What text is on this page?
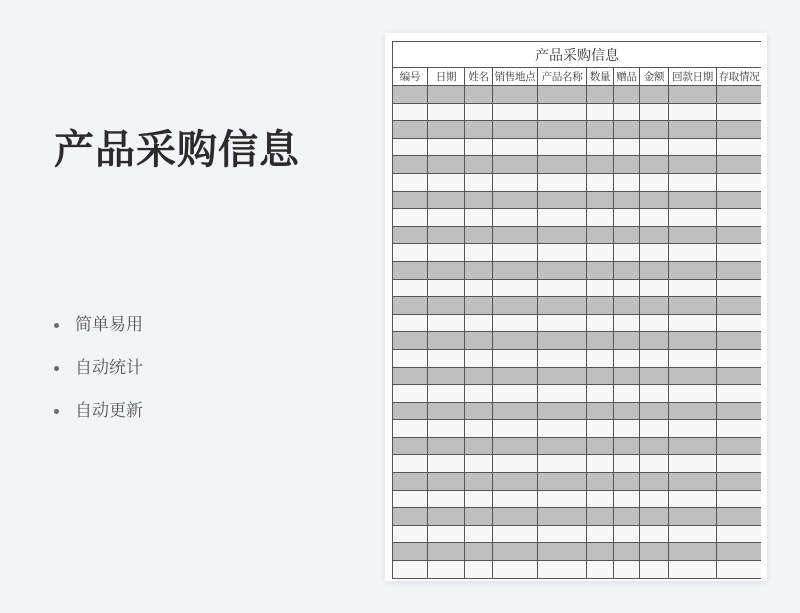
产品采购信息
简单易用
自动统计
自动更新
产品采购信息									
编号	日期	姓名	销售地点	产品名称	数量	赠品	金额	回款日期	存取情况
